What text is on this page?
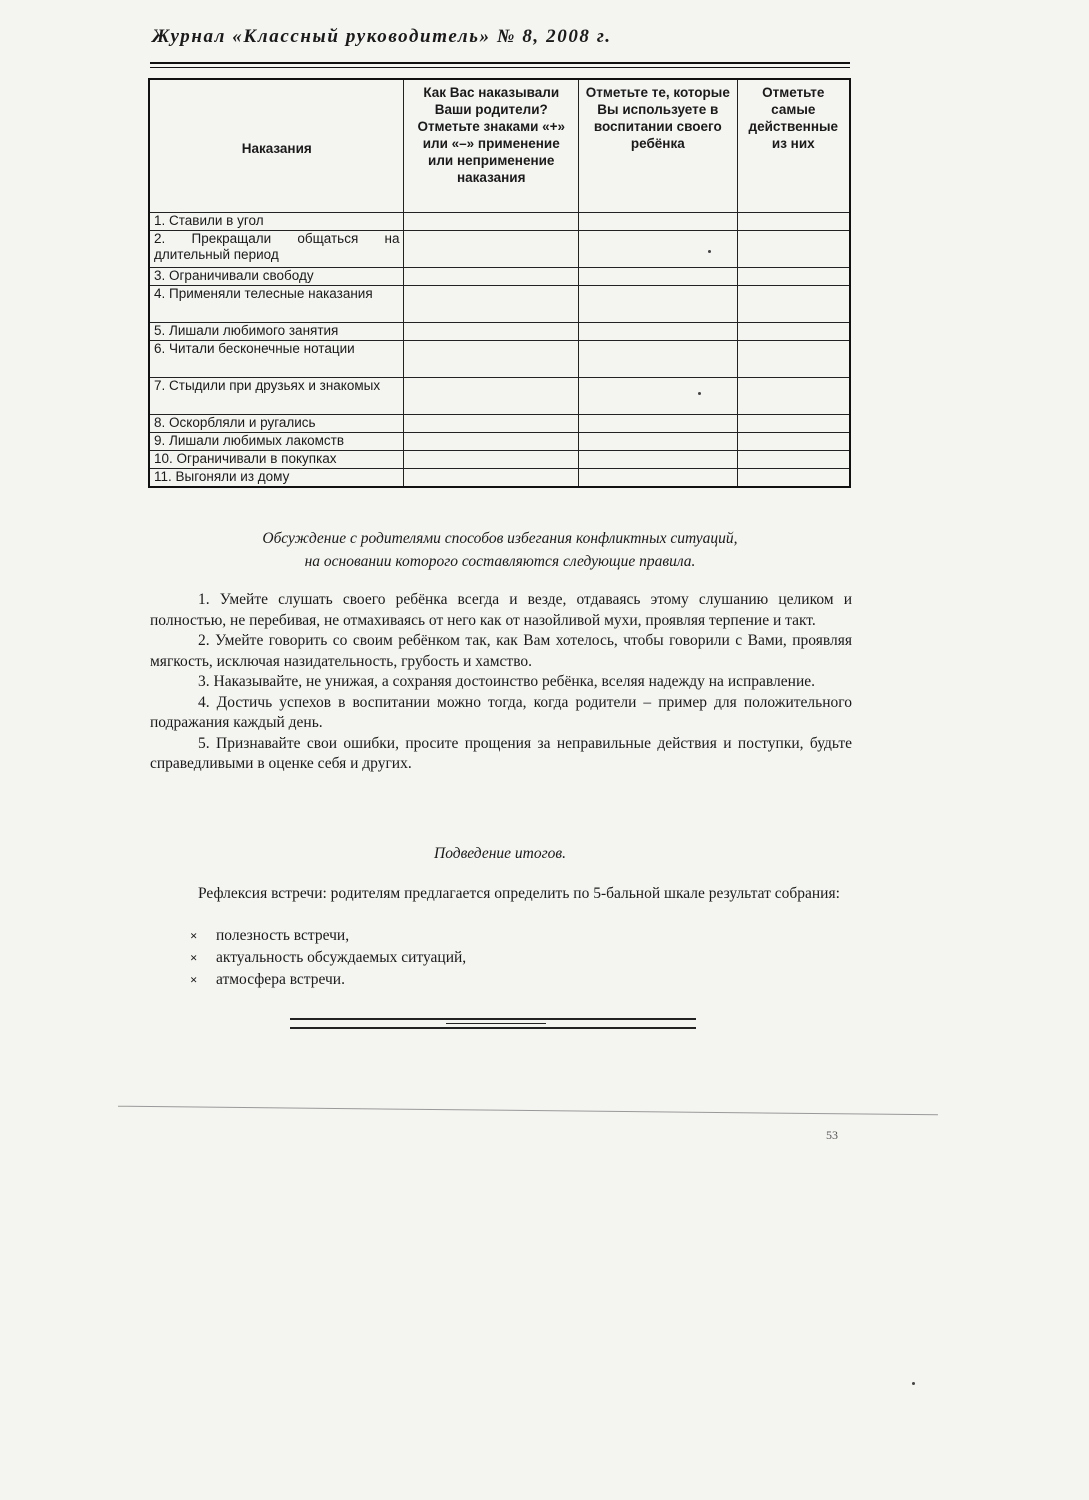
Журнал «Классный руководитель» № 8, 2008 г.
Наказания	Как Вас наказывали Ваши родители? Отметьте знаками «+» или «–» применение или неприменение наказания	Отметьте те, которые Вы используете в воспитании своего ребёнка	Отметьте самые действенные из них
1. Ставили в угол			
2. Прекращали общаться на длительный период			
3. Ограничивали свободу			
4. Применяли телесные наказания			
5. Лишали любимого занятия			
6. Читали бесконечные нотации			
7. Стыдили при друзьях и знакомых			
8. Оскорбляли и ругались			
9. Лишали любимых лакомств			
10. Ограничивали в покупках			
11. Выгоняли из дому			
Обсуждение с родителями способов избегания конфликтных ситуаций,
на основании которого составляются следующие правила.

1. Умейте слушать своего ребёнка всегда и везде, отдаваясь этому слушанию целиком и полностью, не перебивая, не отмахиваясь от него как от назойливой мухи, проявляя терпение и такт.

2. Умейте говорить со своим ребёнком так, как Вам хотелось, чтобы говорили с Вами, проявляя мягкость, исключая назидательность, грубость и хамство.

3. Наказывайте, не унижая, а сохраняя достоинство ребёнка, вселяя надежду на исправление.

4. Достичь успехов в воспитании можно тогда, когда родители – пример для положительного подражания каждый день.

5. Признавайте свои ошибки, просите прощения за неправильные действия и поступки, будьте справедливыми в оценке себя и других.

Подведение итогов.
Рефлексия встречи: родителям предлагается определить по 5-бальной шкале результат собрания:
× полезность встречи,
× актуальность обсуждаемых ситуаций,
× атмосфера встречи.
53
